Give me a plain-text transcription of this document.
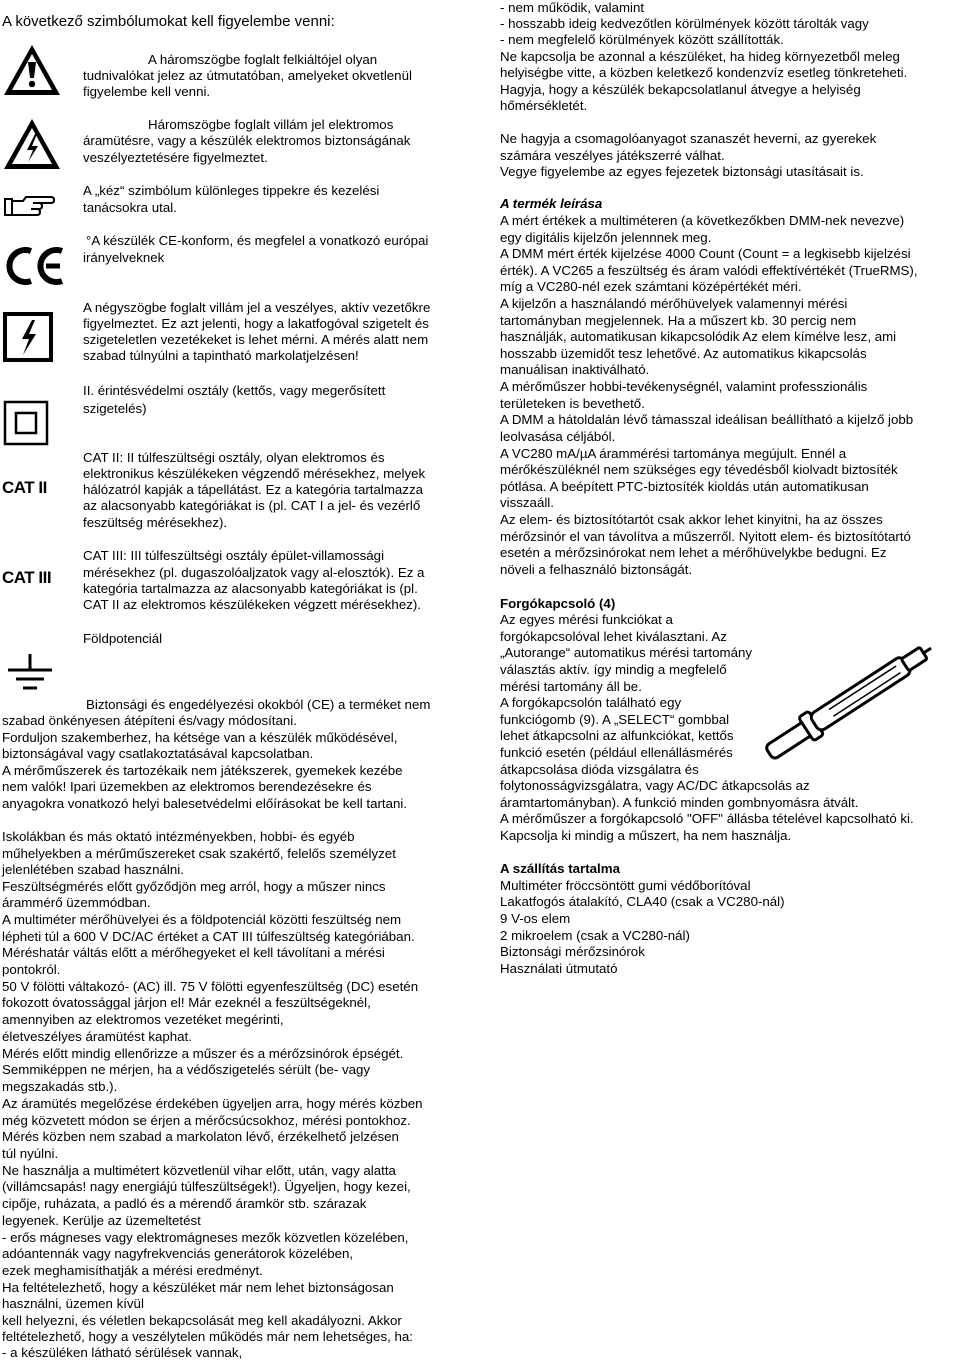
A következő szimbólumokat kell figyelembe venni:
A háromszögbe foglalt felkiáltójel olyan
tudnivalókat jelez az útmutatóban, amelyeket okvetlenül
figyelembe kell venni.
Háromszögbe foglalt villám jel elektromos
áramütésre, vagy a készülék elektromos biztonságának
veszélyeztetésére figyelmeztet.
A „kéz“ szimbólum különleges tippekre és kezelési
tanácsokra utal.
°A készülék CE-konform, és megfelel a vonatkozó európai
irányelveknek
A négyszögbe foglalt villám jel a veszélyes, aktív vezetőkre
figyelmeztet. Ez azt jelenti, hogy a lakatfogóval szigetelt és
szigeteletlen vezetékeket is lehet mérni. A mérés alatt nem
szabad túlnyúlni a tapintható markolatjelzésen!
II. érintésvédelmi osztály (kettős, vagy megerősített
szigetelés)
CAT II
CAT II: II túlfeszültségi osztály, olyan elektromos és
elektronikus készülékeken végzendő mérésekhez, melyek
hálózatról kapják a tápellátást. Ez a kategória tartalmazza
az alacsonyabb kategóriákat is (pl. CAT I a jel- és vezérlő
feszültség mérésekhez).
CAT III
CAT III: III túlfeszültségi osztály épület-villamossági
mérésekhez (pl. dugaszolóaljzatok vagy al-elosztók). Ez a
kategória tartalmazza az alacsonyabb kategóriákat is (pl.
CAT II az elektromos készülékeken végzett mérésekhez).
Földpotenciál
Biztonsági és engedélyezési okokból (CE) a terméket nem
szabad önkényesen átépíteni és/vagy módosítani.
Forduljon szakemberhez, ha kétsége van a készülék működésével,
biztonságával vagy csatlakoztatásával kapcsolatban.
A mérőműszerek és tartozékaik nem játékszerek, gyemekek kezébe
nem valók! Ipari üzemekben az elektromos berendezésekre és
anyagokra vonatkozó helyi balesetvédelmi előírásokat be kell tartani.
Iskolákban és más oktató intézményekben, hobbi- és egyéb
műhelyekben a mérűműszereket csak szakértő, felelős személyzet
jelenlétében szabad használni.
Feszültségmérés előtt győződjön meg arról, hogy a műszer nincs
árammérő üzemmódban.
A multiméter mérőhüvelyei és a földpotenciál közötti feszültség nem
lépheti túl a 600 V DC/AC értéket a CAT III túlfeszültség kategóriában.
Méréshatár váltás előtt a mérőhegyeket el kell távolítani a mérési
pontokról.
50 V fölötti váltakozó- (AC) ill. 75 V fölötti egyenfeszültség (DC) esetén
fokozott óvatossággal járjon el! Már ezeknél a feszültségeknél,
amennyiben az elektromos vezetéket megérinti,
életveszélyes áramütést kaphat.
Mérés előtt mindig ellenőrizze a műszer és a mérőzsinórok épségét.
Semmiképpen ne mérjen, ha a védőszigetelés sérült (be- vagy
megszakadás stb.).
Az áramütés megelőzése érdekében ügyeljen arra, hogy mérés közben
még közvetett módon se érjen a mérőcsúcsokhoz, mérési pontokhoz.
Mérés közben nem szabad a markolaton lévő, érzékelhető jelzésen
túl nyúlni.
Ne használja a multimétert közvetlenül vihar előtt, után, vagy alatta
(villámcsapás! nagy energiájú túlfeszültségek!). Ügyeljen, hogy kezei,
cipője, ruházata, a padló és a mérendő áramkör stb. szárazak
legyenek. Kerülje az üzemeltetést
- erős mágneses vagy elektromágneses mezők közvetlen közelében,
adóantennák vagy nagyfrekvenciás generátorok közelében,
ezek meghamisíthatják a mérési eredményt.
Ha feltételezhető, hogy a készüléket már nem lehet biztonságosan
használni, üzemen kívül
kell helyezni, és véletlen bekapcsolását meg kell akadályozni. Akkor
feltételezhető, hogy a veszélytelen működés már nem lehetséges, ha:
- a készüléken látható sérülések vannak,
- nem működik, valamint
- hosszabb ideig kedvezőtlen körülmények között tárolták vagy
- nem megfelelő körülmények között szállították.
Ne kapcsolja be azonnal a készüléket, ha hideg környezetből meleg
helyiségbe vitte, a közben keletkező kondenzvíz esetleg tönkreteheti.
Hagyja, hogy a készülék bekapcsolatlanul átvegye a helyiség
hőmérsékletét.
Ne hagyja a csomagolóanyagot szanaszét heverni, az gyerekek
számára veszélyes játékszerré válhat.
Vegye figyelembe az egyes fejezetek biztonsági utasításait is.
A termék leírása
A mért értékek a multiméteren (a következőkben DMM-nek nevezve)
egy digitális kijelzőn jelennnek meg.
A DMM mért érték kijelzése 4000 Count (Count = a legkisebb kijelzési
érték). A VC265 a feszültség és áram valódi effektívértékét (TrueRMS),
míg a VC280-nél ezek számtani középértékét méri.
A kijelzőn a használandó mérőhüvelyek valamennyi mérési
tartományban megjelennek. Ha a műszert kb. 30 percig nem
használják, automatikusan kikapcsolódik Az elem kímélve lesz, ami
hosszabb üzemidőt tesz lehetővé. Az automatikus kikapcsolás
manuálisan inaktiválható.
A mérőműszer hobbi-tevékenységnél, valamint professzionális
területeken is bevethető.
A DMM a hátoldalán lévő támasszal ideálisan beállítható a kijelző jobb
leolvasása céljából.
A VC280 mA/µA árammérési tartománya megújult. Ennél a
mérőkészüléknél nem szükséges egy tévedésből kiolvadt biztosíték
pótlása. A beépített PTC-biztosíték kioldás után automatikusan
visszaáll.
Az elem- és biztosítótartót csak akkor lehet kinyitni, ha az összes
mérőzsinór el van távolítva a műszerről. Nyitott elem- és biztosítótartó
esetén a mérőzsinórokat nem lehet a mérőhüvelykbe bedugni. Ez
növeli a felhasználó biztonságát.
Forgókapcsoló (4)
Az egyes mérési funkciókat a
forgókapcsolóval lehet kiválasztani. Az
„Autorange“ automatikus mérési tartomány
választás aktív. így mindig a megfelelő
mérési tartomány áll be.
A forgókapcsolón található egy
funkciógomb (9). A „SELECT“ gombbal
lehet átkapcsolni az alfunkciókat, kettős
funkció esetén (például ellenállásmérés
átkapcsolása dióda vizsgálatra és
folytonosságvizsgálatra, vagy AC/DC átkapcsolás az
áramtartományban). A funkció minden gombnyomásra átvált.
A mérőműszer a forgókapcsoló "OFF" állásba tételével kapcsolható ki.
Kapcsolja ki mindig a műszert, ha nem használja.
A szállítás tartalma
Multiméter fröccsöntött gumi védőborítóval
Lakatfogós átalakító, CLA40 (csak a VC280-nál)
9 V-os elem
2 mikroelem (csak a VC280-nál)
Biztonsági mérőzsinórok
Használati útmutató
